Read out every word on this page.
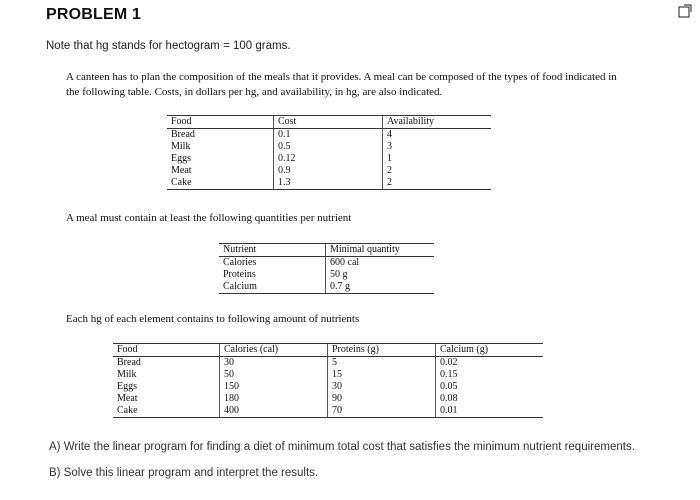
PROBLEM 1
Note that hg stands for hectogram = 100 grams.
A canteen has to plan the composition of the meals that it provides. A meal can be composed of the types of food indicated in the following table. Costs, in dollars per hg, and availability, in hg, are also indicated.
Food	Cost	Availability
Bread	0.1	4
Milk	0.5	3
Eggs	0.12	1
Meat	0.9	2
Cake	1.3	2
A meal must contain at least the following quantities per nutrient
Nutrient	Minimal quantity
Calories	600 cal
Proteins	50 g
Calcium	0.7 g
Each hg of each element contains to following amount of nutrients
Food	Calories (cal)	Proteins (g)	Calcium (g)
Bread	30	5	0.02
Milk	50	15	0.15
Eggs	150	30	0.05
Meat	180	90	0.08
Cake	400	70	0.01
A) Write the linear program for finding a diet of minimum total cost that satisfies the minimum nutrient requirements.
B) Solve this linear program and interpret the results.
